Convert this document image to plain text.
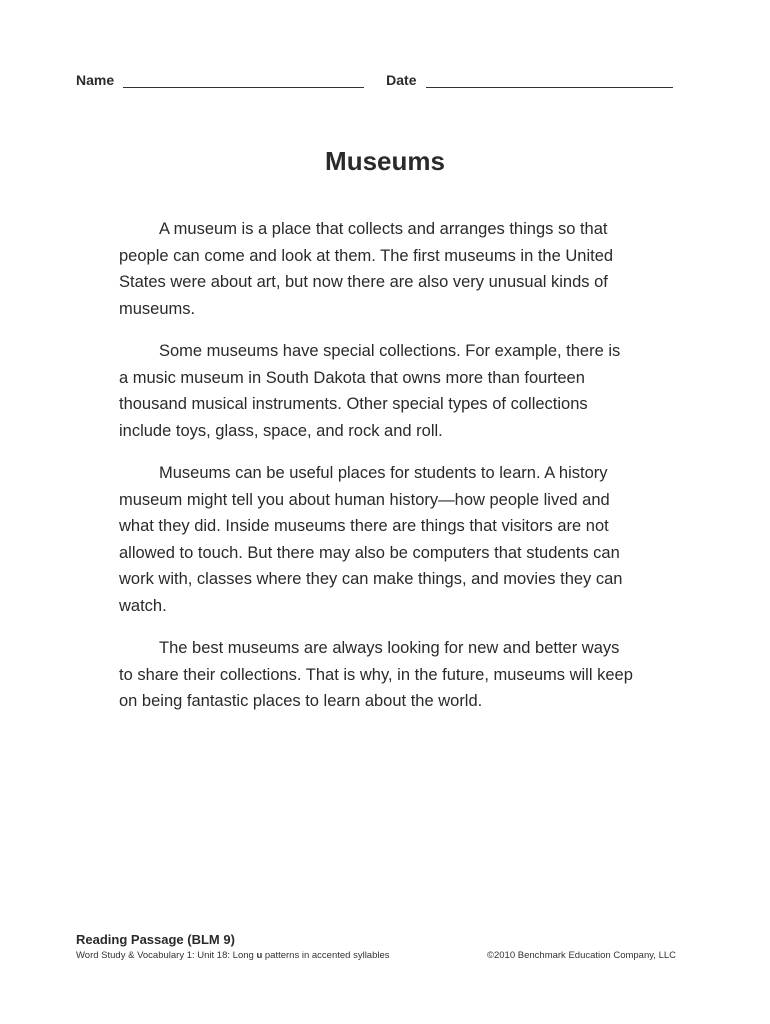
Name	Date
Museums

A museum is a place that collects and arranges things so that people can come and look at them. The first museums in the United States were about art, but now there are also very unusual kinds of museums.

Some museums have special collections. For example, there is a music museum in South Dakota that owns more than fourteen thousand musical instruments. Other special types of collections include toys, glass, space, and rock and roll.

Museums can be useful places for students to learn. A history museum might tell you about human history—how people lived and what they did. Inside museums there are things that visitors are not allowed to touch. But there may also be computers that students can work with, classes where they can make things, and movies they can watch.

The best museums are always looking for new and better ways to share their collections. That is why, in the future, museums will keep on being fantastic places to learn about the world.

Reading Passage (BLM 9)
Word Study & Vocabulary 1: Unit 18: Long u patterns in accented syllables	©2010 Benchmark Education Company, LLC
